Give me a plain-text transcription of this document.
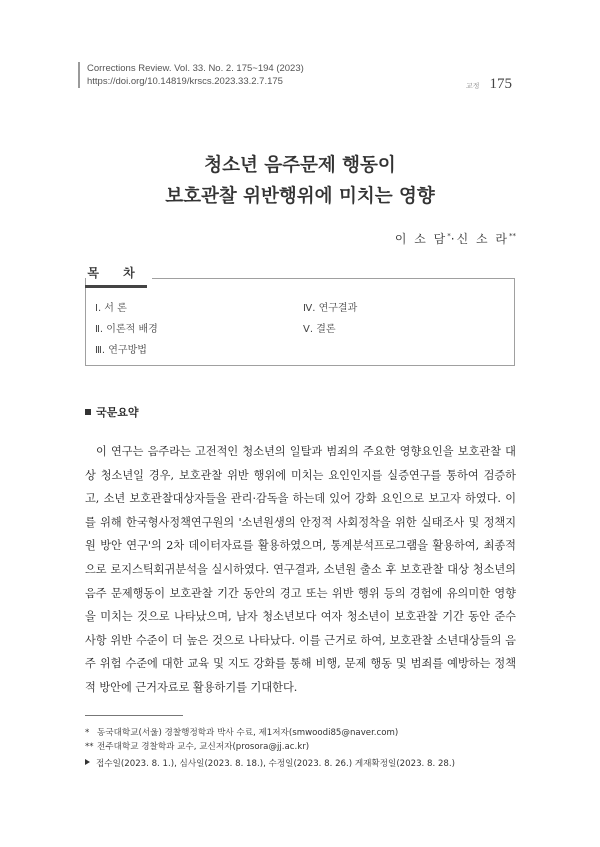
Corrections Review. Vol. 33. No. 2. 175~194 (2023)
https://doi.org/10.14819/krscs.2023.33.2.7.175	교정 175
청소년 음주문제 행동이
보호관찰 위반행위에 미치는 영향
이 소 담*·신 소 라**
목 차
Ⅰ. 서 론
Ⅱ. 이론적 배경
Ⅲ. 연구방법
Ⅳ. 연구결과
Ⅴ. 결론
국문요약
이 연구는 음주라는 고전적인 청소년의 일탈과 범죄의 주요한 영향요인을 보호관찰 대상 청소년일 경우, 보호관찰 위반 행위에 미치는 요인인지를 실증연구를 통하여 검증하고, 소년 보호관찰대상자들을 관리·감독을 하는데 있어 강화 요인으로 보고자 하였다. 이를 위해 한국형사정책연구원의 '소년원생의 안정적 사회정착을 위한 실태조사 및 정책지원 방안 연구'의 2차 데이터자료를 활용하였으며, 통계분석프로그램을 활용하여, 최종적으로 로지스틱회귀분석을 실시하였다. 연구결과, 소년원 출소 후 보호관찰 대상 청소년의 음주 문제행동이 보호관찰 기간 동안의 경고 또는 위반 행위 등의 경험에 유의미한 영향을 미치는 것으로 나타났으며, 남자 청소년보다 여자 청소년이 보호관찰 기간 동안 준수사항 위반 수준이 더 높은 것으로 나타났다. 이를 근거로 하여, 보호관찰 소년대상들의 음주 위험 수준에 대한 교육 및 지도 강화를 통해 비행, 문제 행동 및 범죄를 예방하는 정책적 방안에 근거자료로 활용하기를 기대한다.
* 동국대학교(서울) 경찰행정학과 박사 수료, 제1저자(smwoodi85@naver.com)
** 전주대학교 경찰학과 교수, 교신저자(prosora@jj.ac.kr)
접수일(2023. 8. 1.), 심사일(2023. 8. 18.), 수정일(2023. 8. 26.) 게재확정일(2023. 8. 28.)
